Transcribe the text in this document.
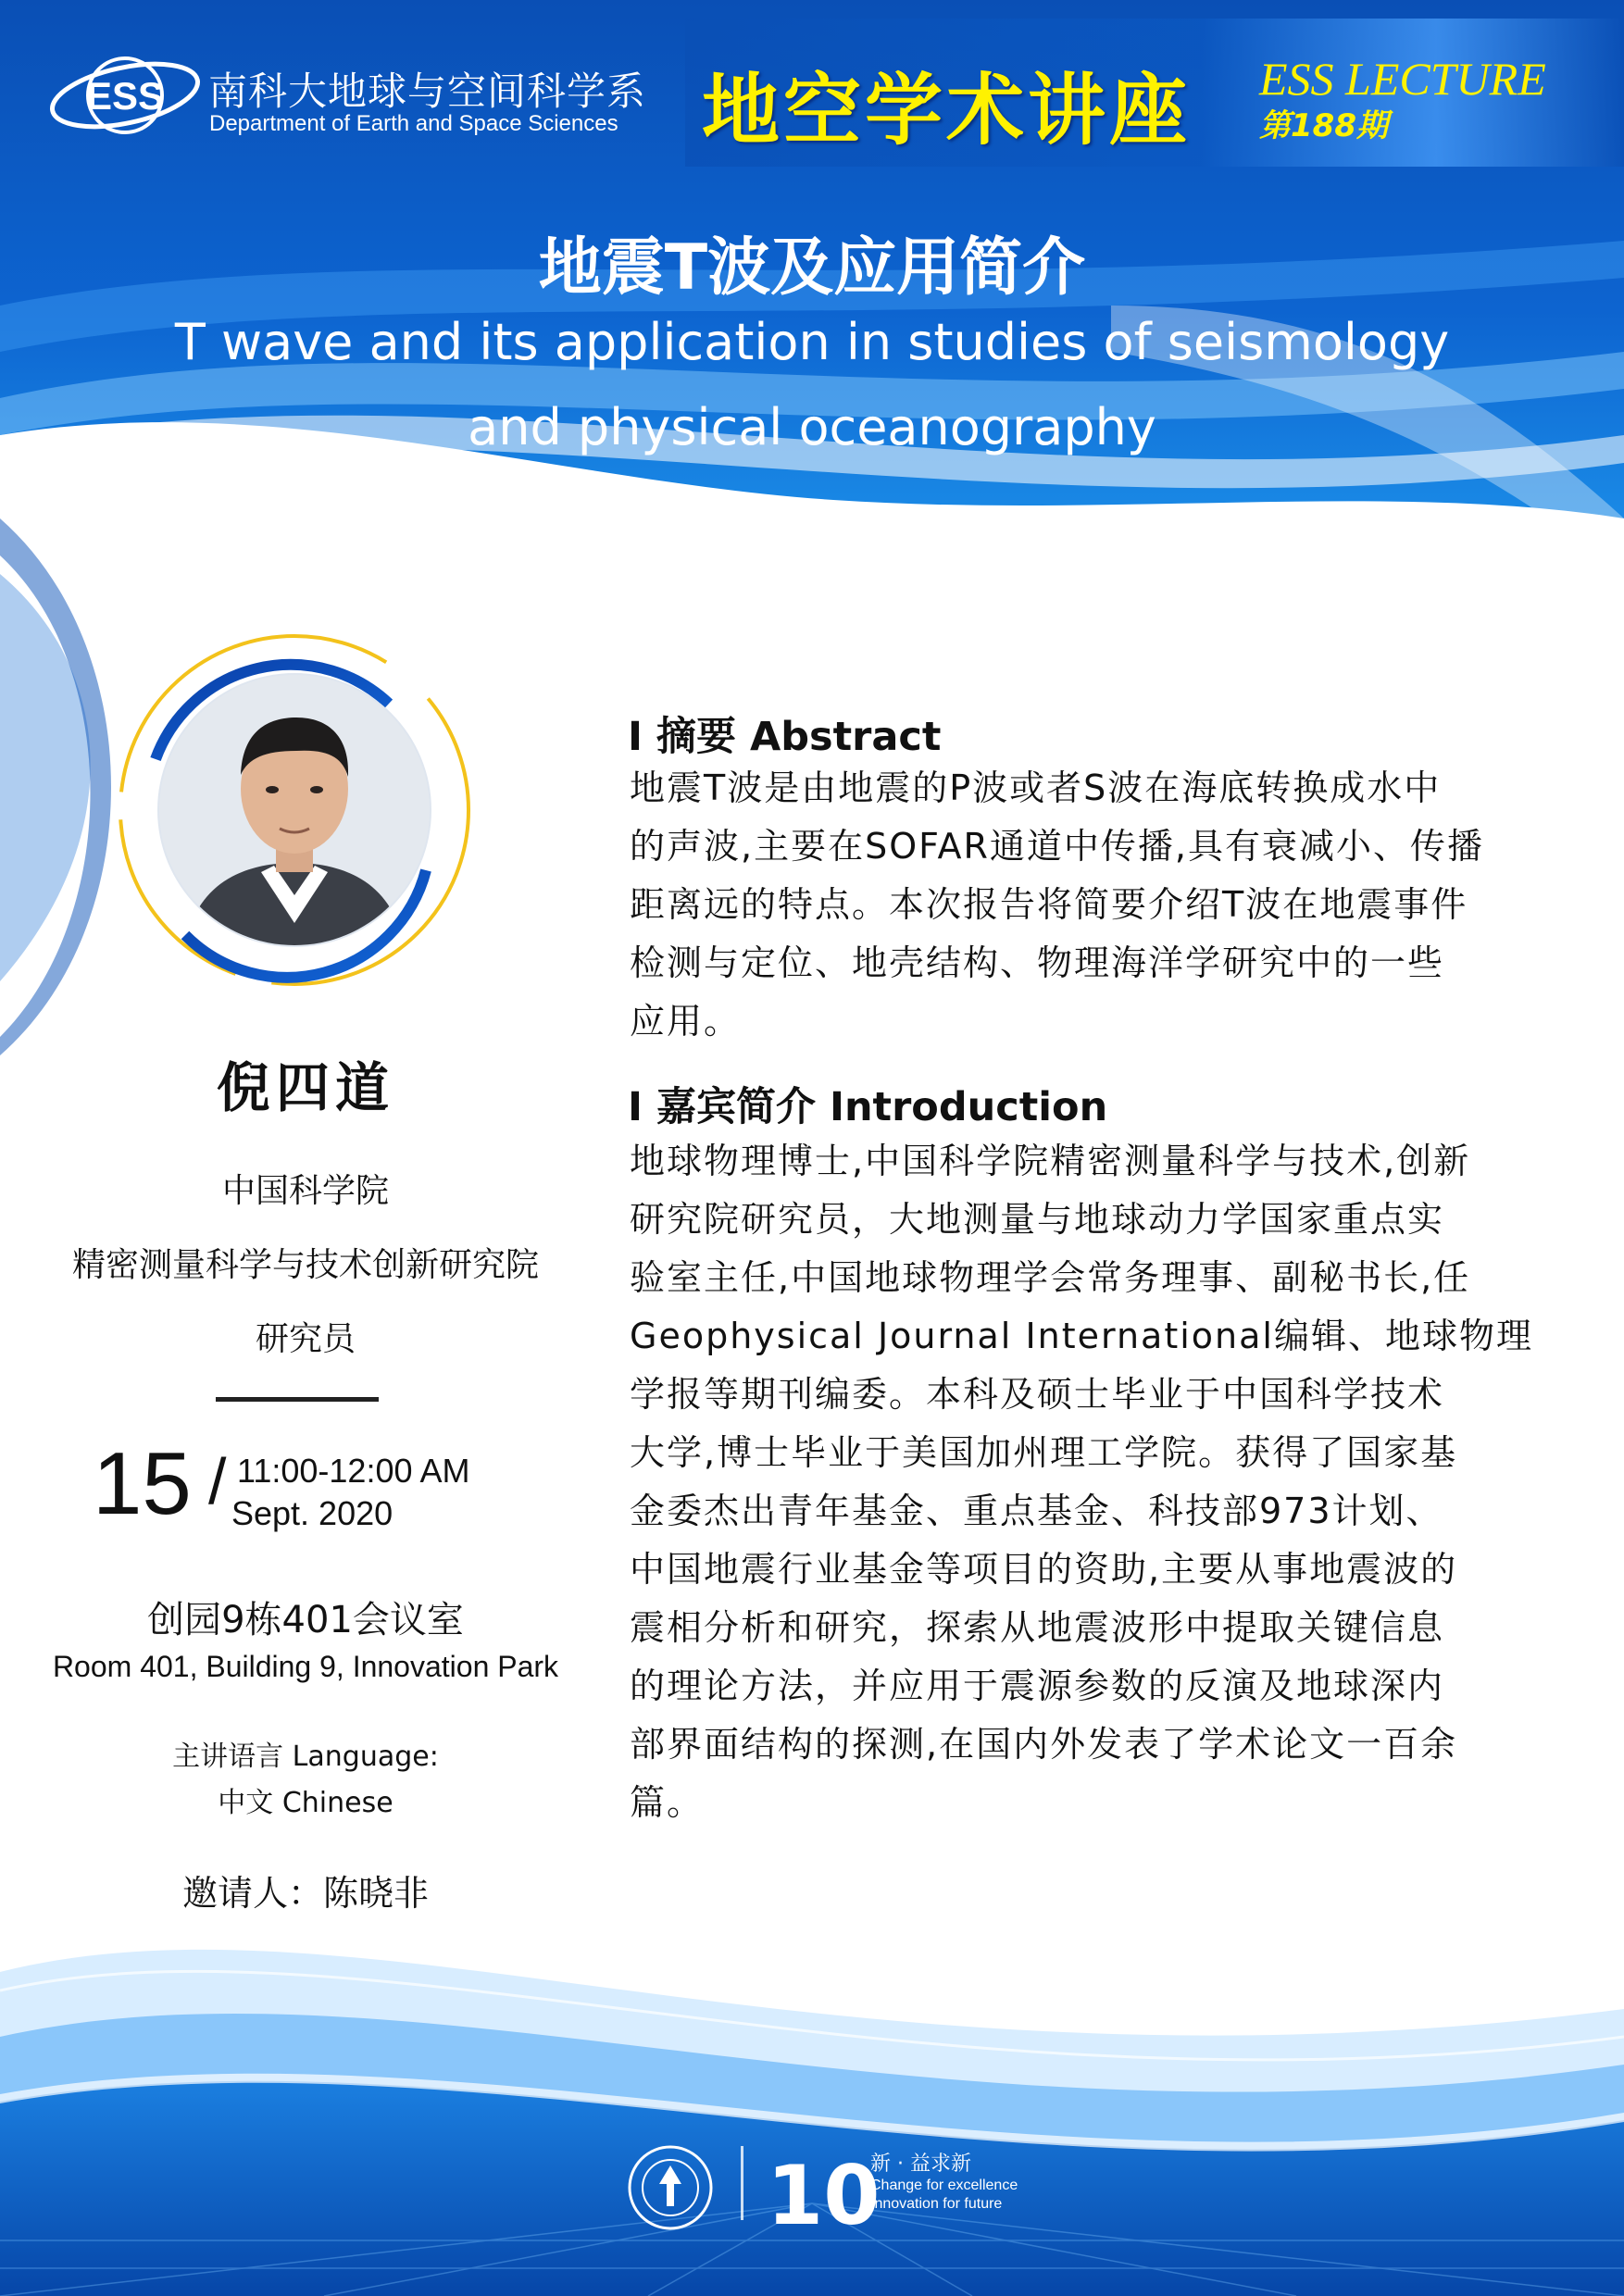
ESS 南科大地球与空间科学系
Department of Earth and Space Sciences 地空学术讲座 ESS LECTURE
第188期
地震T波及应用简介
T wave and its application in studies of seismology
and physical oceanography
倪四道
中国科学院
精密测量科学与技术创新研究院
研究员
15 / 11:00-12:00 AM
Sept. 2020
创园9栋401会议室
Room 401, Building 9, Innovation Park
主讲语言 Language:
中文 Chinese
邀请人：陈晓非
I 摘要 Abstract
地震T波是由地震的P波或者S波在海底转换成水中
的声波,主要在SOFAR通道中传播,具有衰减小、传播
距离远的特点。本次报告将简要介绍T波在地震事件
检测与定位、地壳结构、物理海洋学研究中的一些
应用。
I 嘉宾简介 Introduction
地球物理博士,中国科学院精密测量科学与技术,创新
研究院研究员，大地测量与地球动力学国家重点实
验室主任,中国地球物理学会常务理事、副秘书长,任
Geophysical Journal International编辑、地球物理
学报等期刊编委。本科及硕士毕业于中国科学技术
大学,博士毕业于美国加州理工学院。获得了国家基
金委杰出青年基金、重点基金、科技部973计划、
中国地震行业基金等项目的资助,主要从事地震波的
震相分析和研究，探索从地震波形中提取关键信息
的理论方法，并应用于震源参数的反演及地球深内
部界面结构的探测,在国内外发表了学术论文一百余
篇。
10
新 · 益求新
Change for excellence
Innovation for future
